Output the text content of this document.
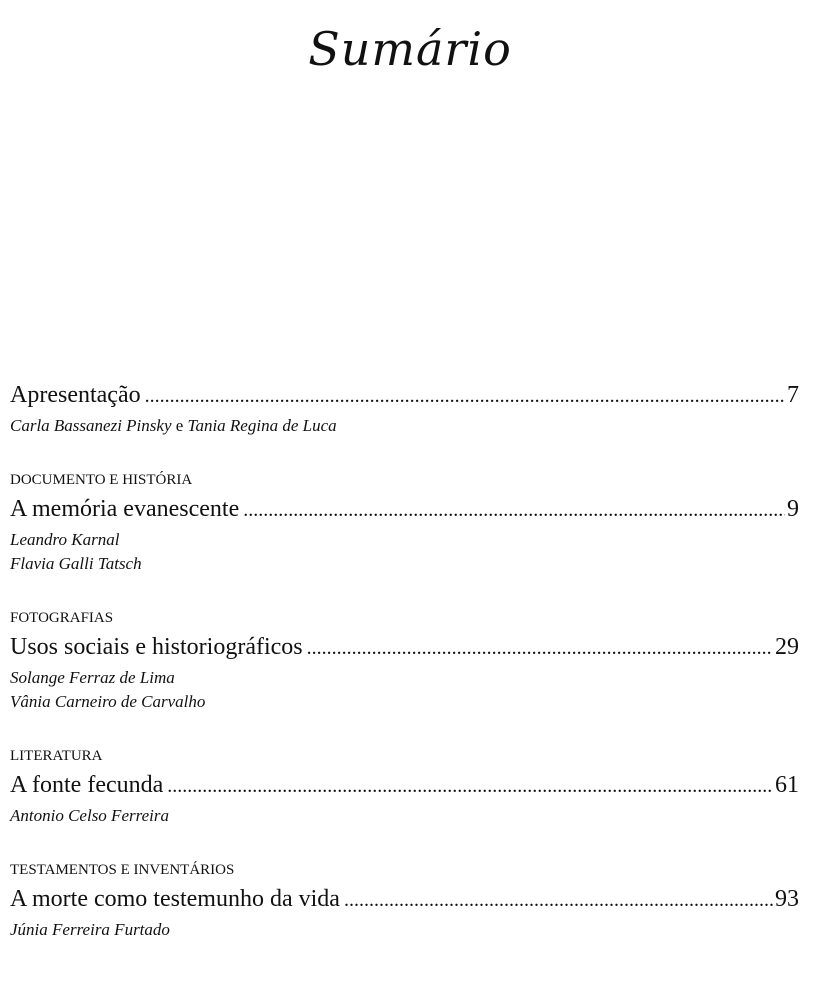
Sumário
Apresentação .....	7
Carla Bassanezi Pinsky e Tania Regina de Luca
DOCUMENTO E HISTÓRIA
A memória evanescente .....	9
Leandro Karnal
Flavia Galli Tatsch
FOTOGRAFIAS
Usos sociais e historiográficos .....	29
Solange Ferraz de Lima
Vânia Carneiro de Carvalho
LITERATURA
A fonte fecunda .....	61
Antonio Celso Ferreira
TESTAMENTOS E INVENTÁRIOS
A morte como testemunho da vida .....	93
Júnia Ferreira Furtado
